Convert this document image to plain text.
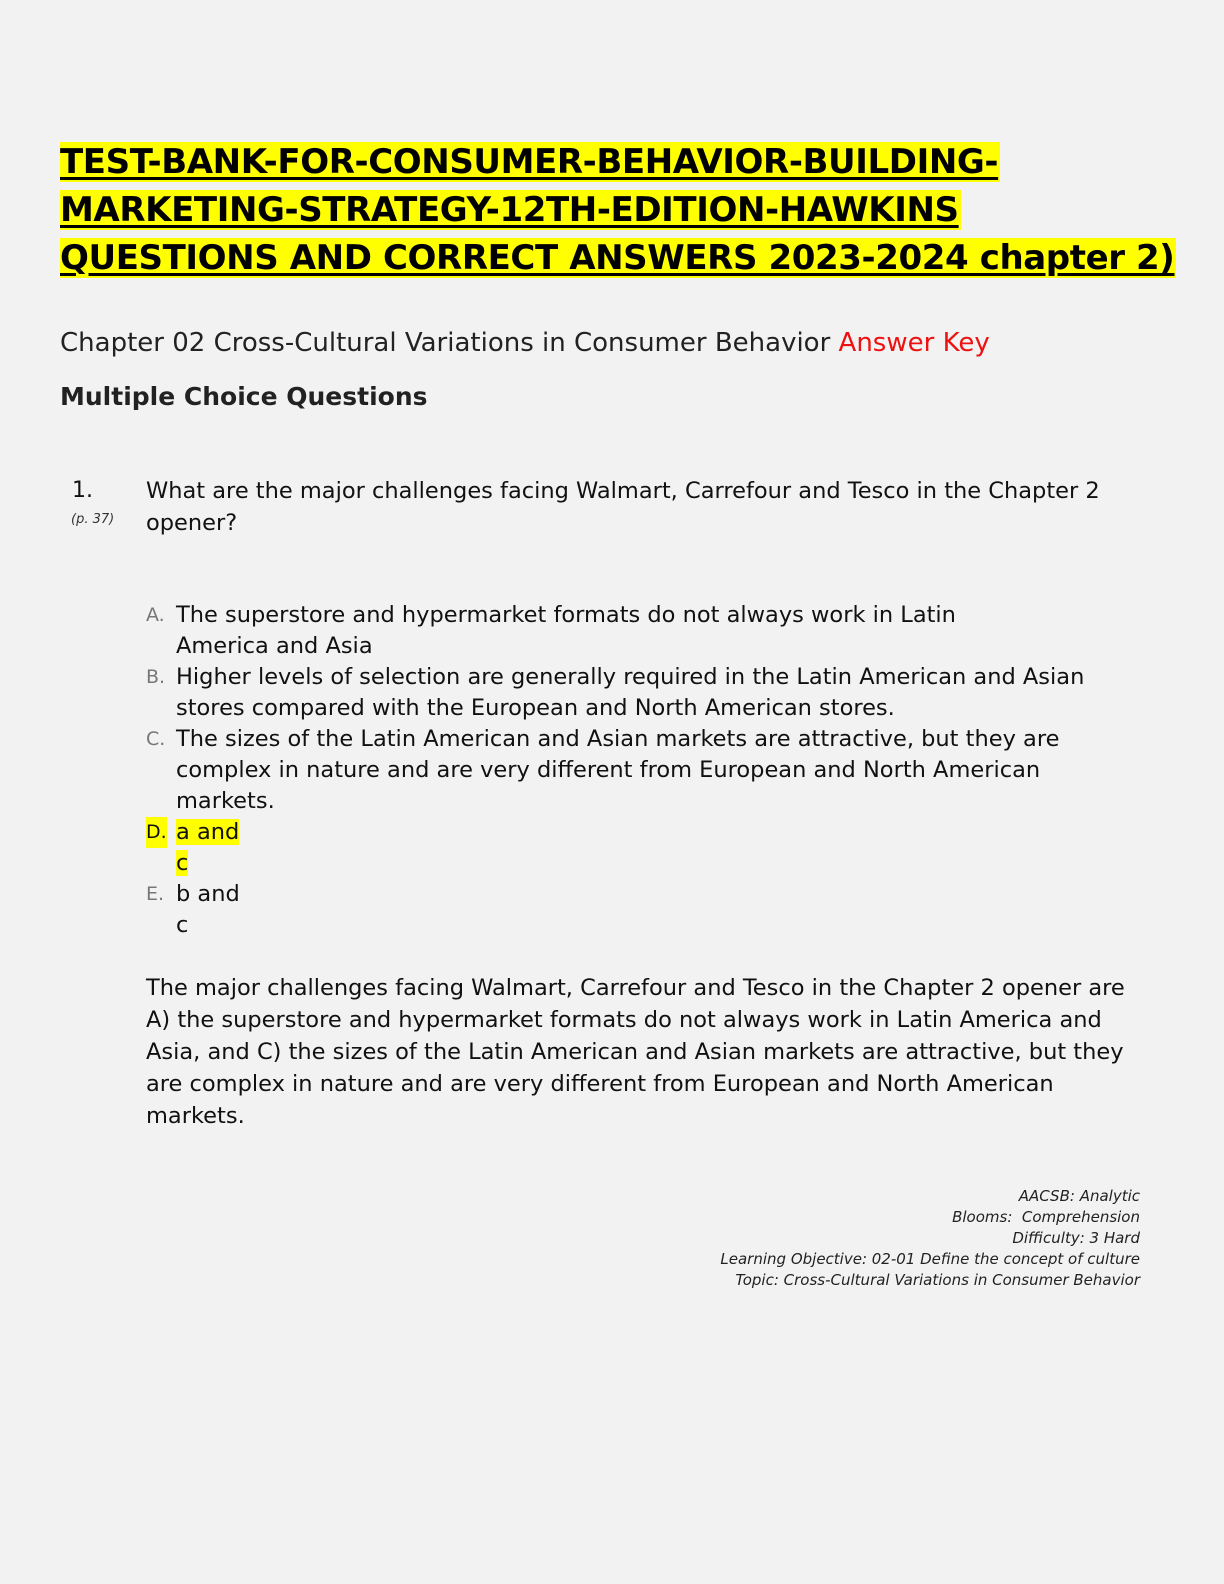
TEST-BANK-FOR-CONSUMER-BEHAVIOR-BUILDING-
MARKETING-STRATEGY-12TH-EDITION-HAWKINS
QUESTIONS AND CORRECT ANSWERS 2023-2024 chapter 2)
Chapter 02 Cross-Cultural Variations in Consumer Behavior Answer Key
Multiple Choice Questions
1.
(p. 37)
What are the major challenges facing Walmart, Carrefour and Tesco in the Chapter 2 opener?
A. The superstore and hypermarket formats do not always work in Latin
America and Asia
B. Higher levels of selection are generally required in the Latin American and Asian
stores compared with the European and North American stores.
C. The sizes of the Latin American and Asian markets are attractive, but they are
complex in nature and are very different from European and North American
markets.
D. a and
c
E. b and
c
The major challenges facing Walmart, Carrefour and Tesco in the Chapter 2 opener are A) the superstore and hypermarket formats do not always work in Latin America and Asia, and C) the sizes of the Latin American and Asian markets are attractive, but they are complex in nature and are very different from European and North American markets.
AACSB: Analytic
Blooms:  Comprehension
Difficulty: 3 Hard
Learning Objective: 02-01 Define the concept of culture
Topic: Cross-Cultural Variations in Consumer Behavior
